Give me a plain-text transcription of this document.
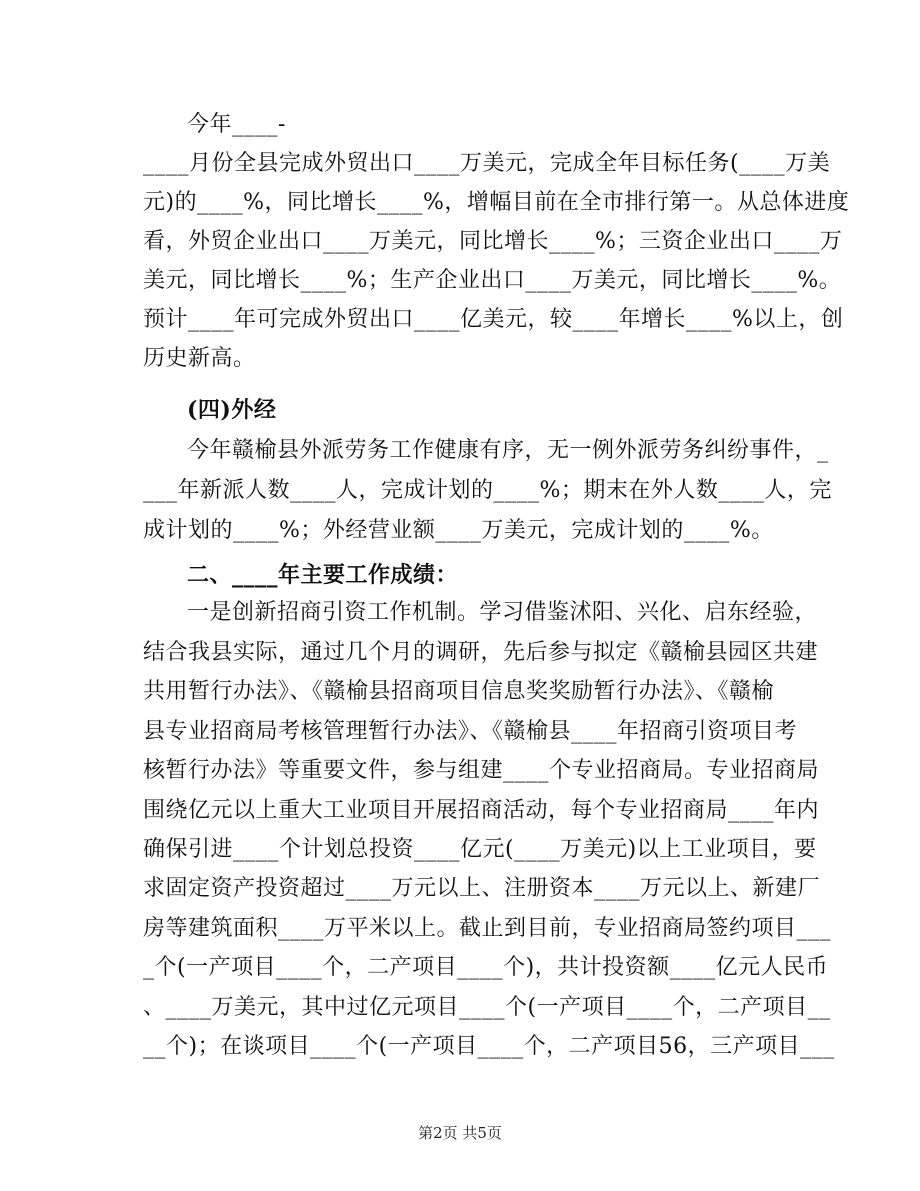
今年____-
____月份全县完成外贸出口____万美元，完成全年目标任务(____万美
元)的____%，同比增长____%，增幅目前在全市排行第一。从总体进度
看，外贸企业出口____万美元，同比增长____%；三资企业出口____万
美元，同比增长____%；生产企业出口____万美元，同比增长____%。
预计____年可完成外贸出口____亿美元，较____年增长____%以上，创
历史新高。
(四)外经
今年赣榆县外派劳务工作健康有序，无一例外派劳务纠纷事件，_
___年新派人数____人，完成计划的____%；期末在外人数____人，完
成计划的____%；外经营业额____万美元，完成计划的____%。
二、____年主要工作成绩：
一是创新招商引资工作机制。学习借鉴沭阳、兴化、启东经验，
结合我县实际，通过几个月的调研，先后参与拟定《赣榆县园区共建
共用暂行办法》、《赣榆县招商项目信息奖奖励暂行办法》、《赣榆
县专业招商局考核管理暂行办法》、《赣榆县____年招商引资项目考
核暂行办法》等重要文件，参与组建____个专业招商局。专业招商局
围绕亿元以上重大工业项目开展招商活动，每个专业招商局____年内
确保引进____个计划总投资____亿元(____万美元)以上工业项目，要
求固定资产投资超过____万元以上、注册资本____万元以上、新建厂
房等建筑面积____万平米以上。截止到目前，专业招商局签约项目___
_个(一产项目____个，二产项目____个)，共计投资额____亿元人民币
、____万美元，其中过亿元项目____个(一产项目____个，二产项目__
__个)；在谈项目____个(一产项目____个，二产项目56，三产项目___
第2页 共5页
